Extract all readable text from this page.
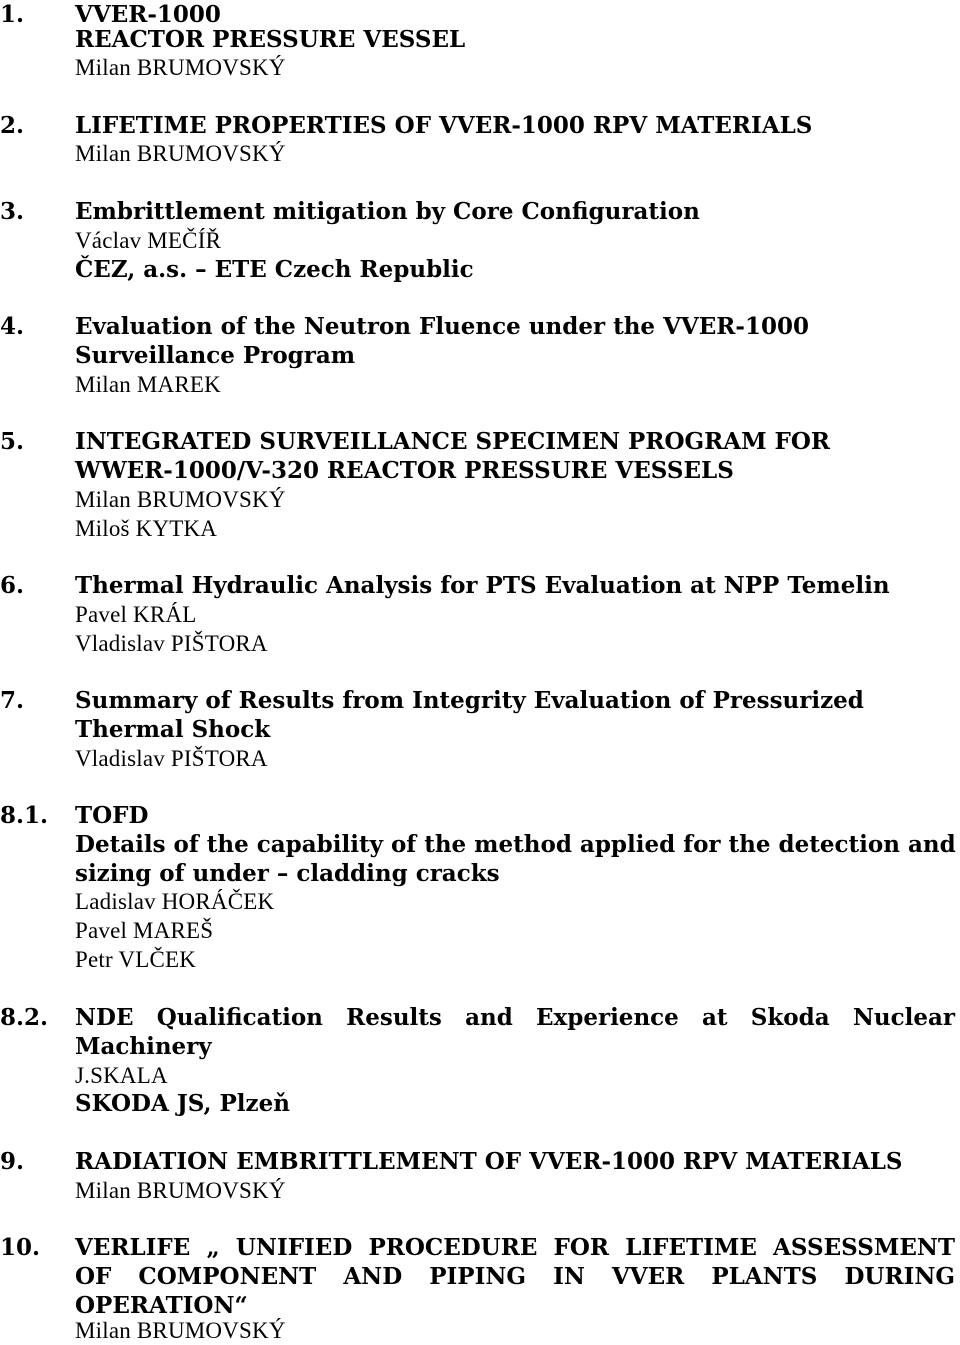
1. VVER-1000
REACTOR PRESSURE VESSEL
Milan BRUMOVSKÝ
2. LIFETIME PROPERTIES OF VVER-1000 RPV MATERIALS
Milan BRUMOVSKÝ
3. Embrittlement mitigation by Core Configuration
Václav MEČÍŘ
ČEZ, a.s. – ETE Czech Republic
4. Evaluation of the Neutron Fluence under the VVER-1000
Surveillance Program
Milan MAREK
5. INTEGRATED SURVEILLANCE SPECIMEN PROGRAM FOR
WWER-1000/V-320 REACTOR PRESSURE VESSELS
Milan BRUMOVSKÝ
Miloš KYTKA
6. Thermal Hydraulic Analysis for PTS Evaluation at NPP Temelin
Pavel KRÁL
Vladislav PIŠTORA
7. Summary of Results from Integrity Evaluation of Pressurized
Thermal Shock
Vladislav PIŠTORA
8.1. TOFD
Details of the capability of the method applied for the detection and
sizing of under – cladding cracks
Ladislav HORÁČEK
Pavel MAREŠ
Petr VLČEK
8.2. NDE Qualification Results and Experience at Skoda Nuclear
Machinery
J.SKALA
SKODA JS, Plzeň
9. RADIATION EMBRITTLEMENT OF VVER-1000 RPV MATERIALS
Milan BRUMOVSKÝ
10. VERLIFE „ UNIFIED PROCEDURE FOR LIFETIME ASSESSMENT
OF COMPONENT AND PIPING IN VVER PLANTS DURING
OPERATION“
Milan BRUMOVSKÝ
